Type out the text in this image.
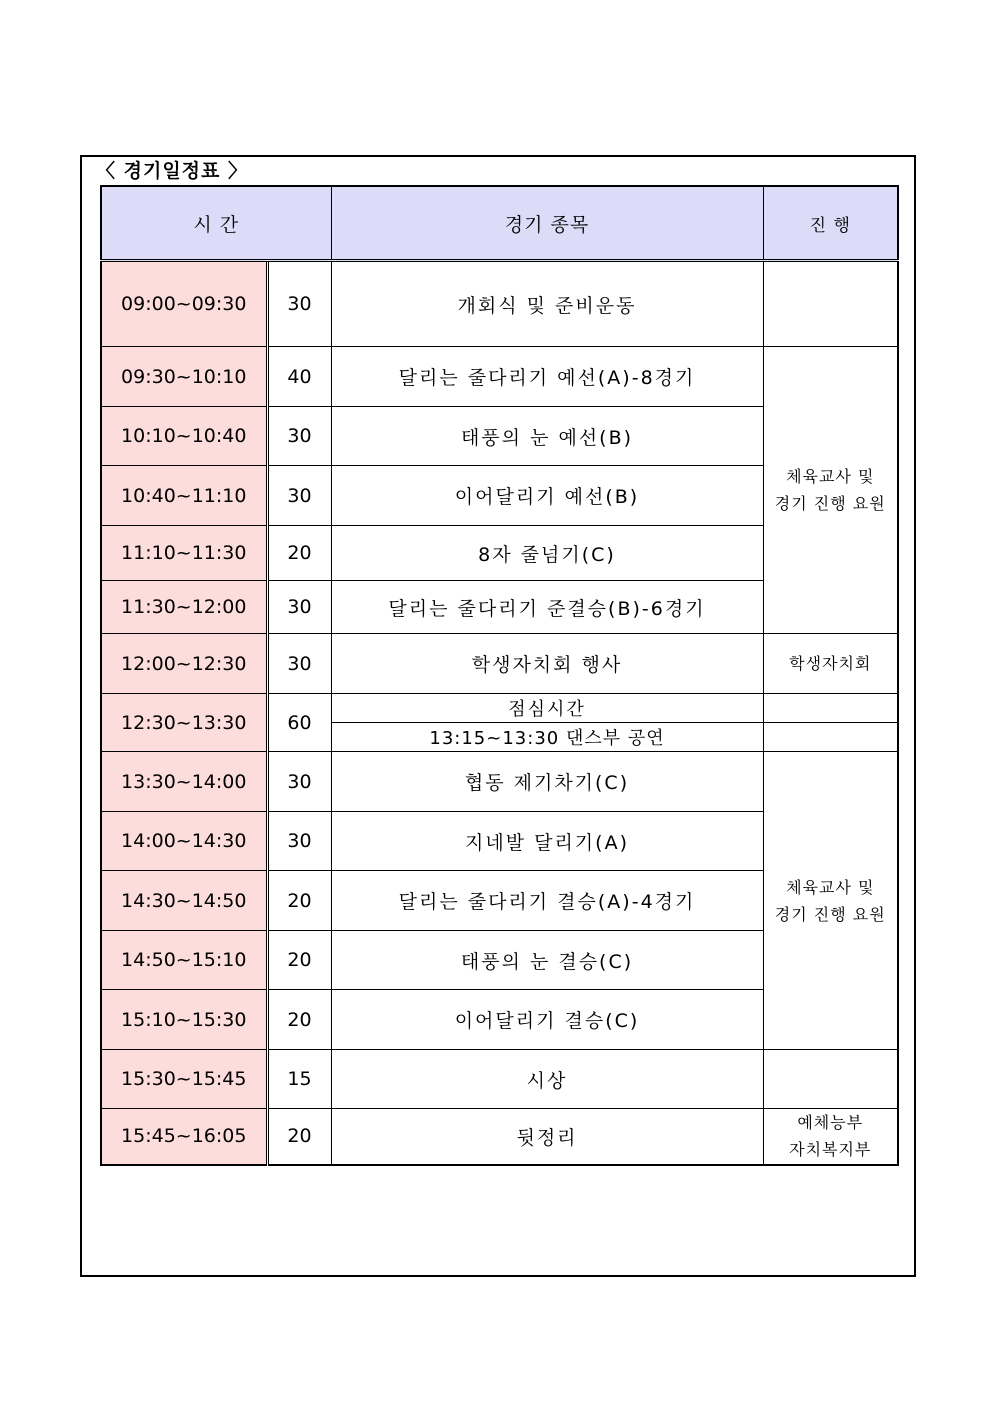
〈 경기일정표 〉
시 간		경기 종목	진 행
09:00~09:30	30	개회식 및 준비운동	
09:30~10:10	40	달리는 줄다리기 예선(A)-8경기	체육교사 및
경기 진행 요원

10:10~10:40	30	태풍의 눈 예선(B)	
10:40~11:10	30	이어달리기 예선(B)	
11:10~11:30	20	8자 줄넘기(C)	
11:30~12:00	30	달리는 줄다리기 준결승(B)-6경기	
12:00~12:30	30	학생자치회 행사	학생자치회
12:30~13:30	60	점심시간	
		13:15~13:30 댄스부 공연	
13:30~14:00	30	협동 제기차기(C)	체육교사 및
경기 진행 요원

14:00~14:30	30	지네발 달리기(A)	
14:30~14:50	20	달리는 줄다리기 결승(A)-4경기	
14:50~15:10	20	태풍의 눈 결승(C)	
15:10~15:30	20	이어달리기 결승(C)	
15:30~15:45	15	시상	
15:45~16:05	20	뒷정리	예체능부
자치복지부
